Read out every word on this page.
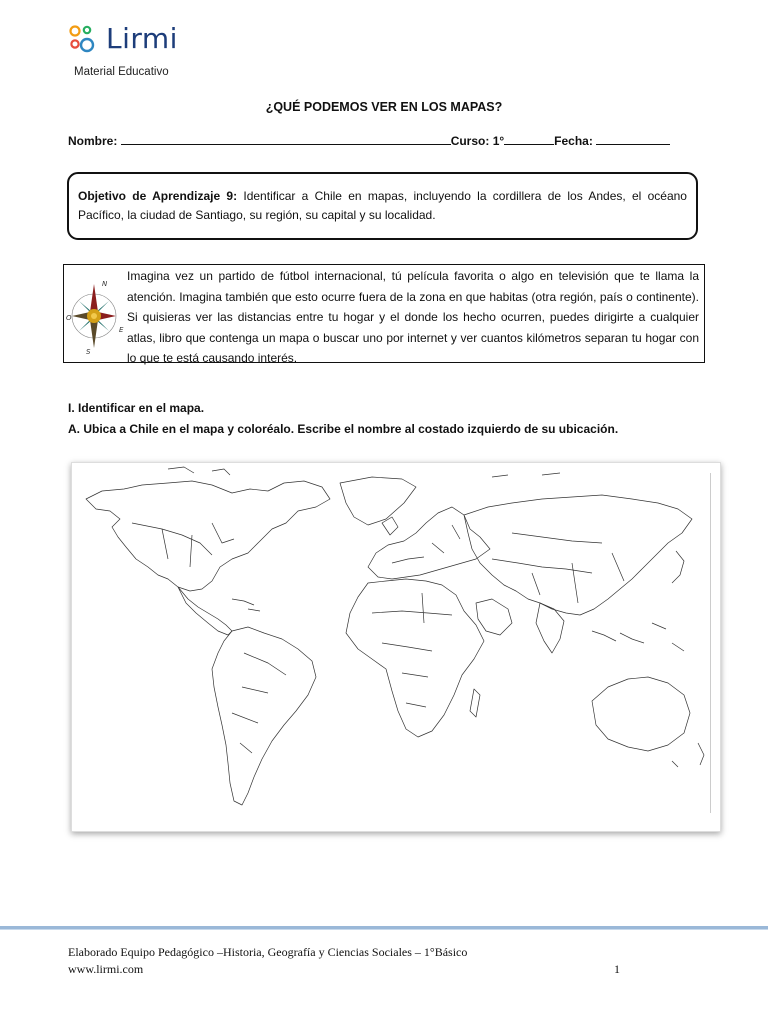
Lirmi
Material Educativo
¿QUÉ PODEMOS VER EN LOS MAPAS?
Nombre:	Curso: 1°	Fecha:
Objetivo de Aprendizaje 9: Identificar a Chile en mapas, incluyendo la cordillera de los Andes, el océano Pacífico, la ciudad de Santiago, su región, su capital y su localidad.
N
E
S
O
Imagina vez un partido de fútbol internacional, tú película favorita o algo en televisión que te llama la atención. Imagina también que esto ocurre fuera de la zona en que habitas (otra región, país o continente). Si quisieras ver las distancias entre tu hogar y el donde los hecho ocurren, puedes dirigirte a cualquier atlas, libro que contenga un mapa o buscar uno por internet y ver cuantos kilómetros separan tu hogar con lo que te está causando interés.
I. Identificar en el mapa.
A. Ubica a Chile en el mapa y coloréalo. Escribe el nombre al costado izquierdo de su ubicación.
Elaborado Equipo Pedagógico –Historia, Geografía y Ciencias Sociales – 1°Básico
www.lirmi.com	1
